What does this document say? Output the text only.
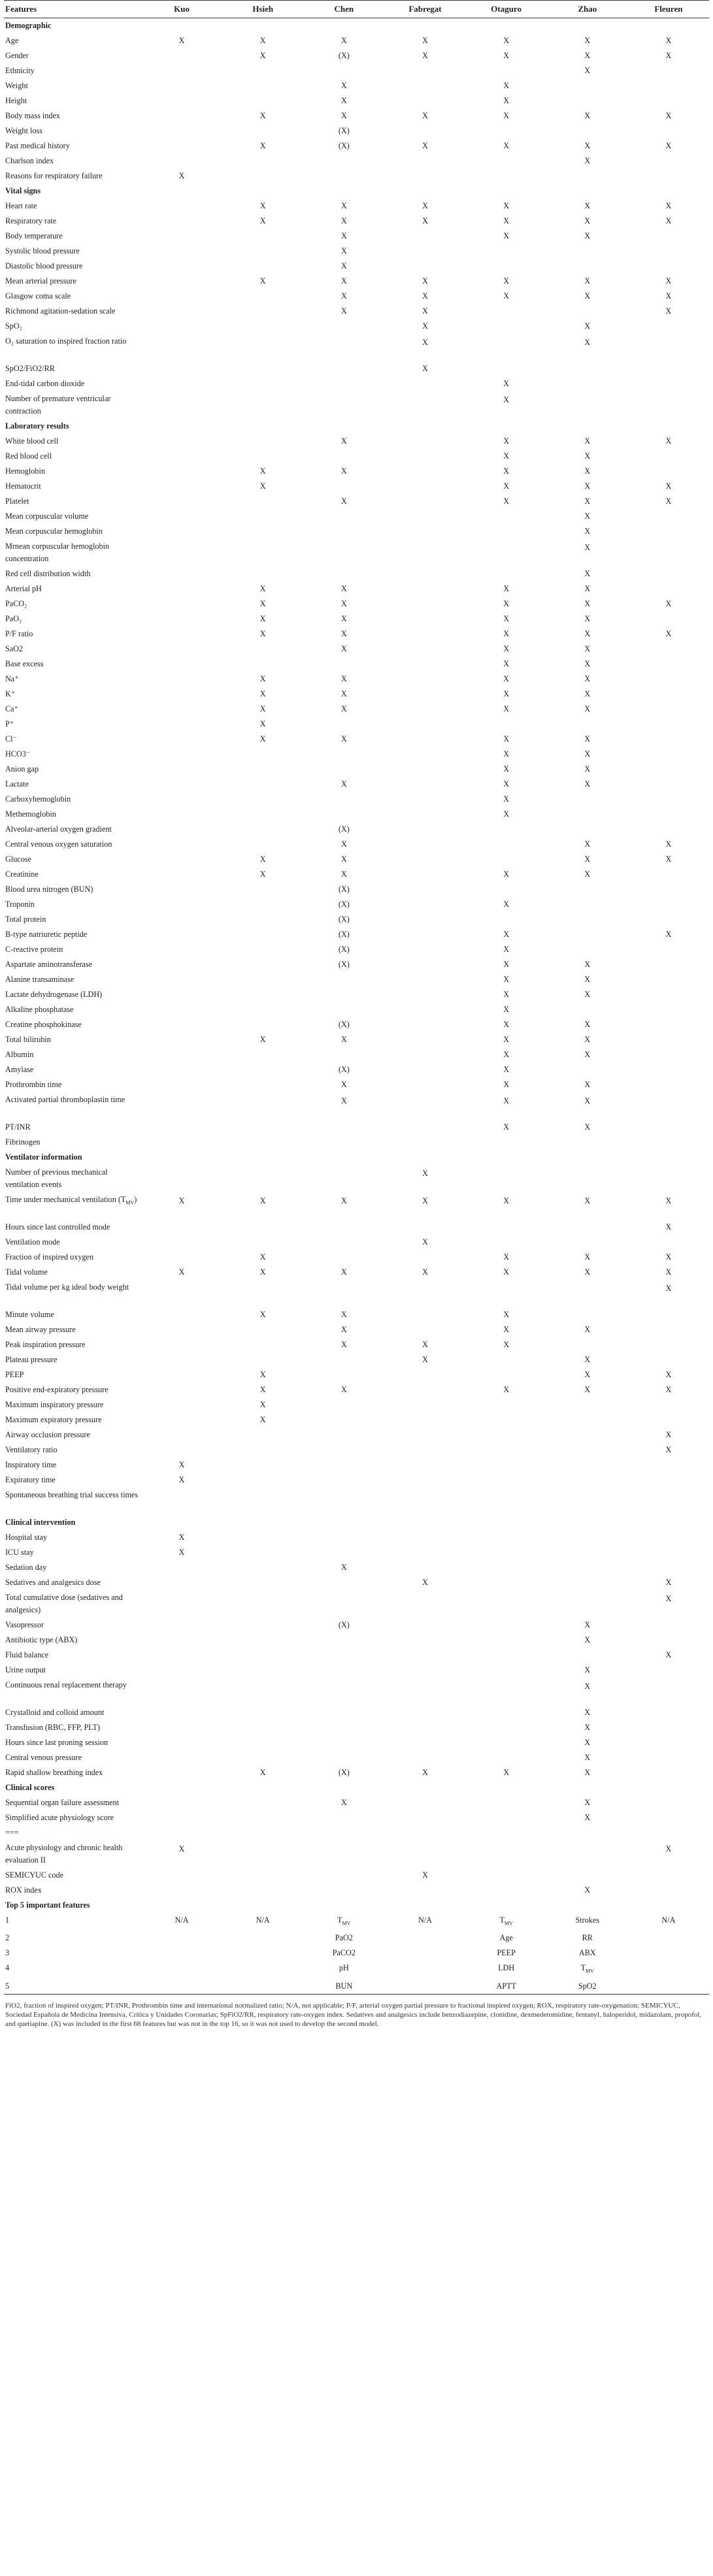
Features	Kuo	Hsieh	Chen	Fabregat	Otaguro	Zhao	Fleuren
Demographic							
Age	X	X	X	X	X	X	X
Gender		X	(X)	X	X	X	X
Ethnicity						X	
Weight			X		X		
Height			X		X		
Body mass index		X	X	X	X	X	X
Weight loss			(X)				
Past medical history		X	(X)	X	X	X	X
Charlson index						X	
Reasons for respiratory failure	X						
Vital signs							
Heart rate		X	X	X	X	X	X
Respiratory rate		X	X	X	X	X	X
Body temperature			X		X	X	
Systolic blood pressure			X				
Diastolic blood pressure			X				
Mean arterial pressure		X	X	X	X	X	X
Glasgow coma scale			X	X	X	X	X
Richmond agitation-sedation scale			X	X			X
SpO₂				X		X	
O₂ saturation to inspired fraction ratio				X		X	
SpO2/FiO2/RR				X			
End-tidal carbon dioxide					X		
Number of premature ventricular contraction					X		
Laboratory results							
White blood cell			X		X	X	X
Red blood cell					X	X	
Hemoglobin		X	X		X	X	
Hematocrit		X			X	X	X
Platelet			X		X	X	X
Mean corpuscular volume						X	
Mean corpuscular hemoglobin						X	
Mrnean corpuscular hemoglobin concentration						X	
Red cell distribution width						X	
Arterial pH		X	X		X	X	
PaCO₂		X	X		X	X	X
PaO₂		X	X		X	X	
P/F ratio		X	X		X	X	X
SaO2			X		X	X	
Base excess					X	X	
Na⁺		X	X		X	X	
K⁺		X	X		X	X	
Ca⁺		X	X		X	X	
P⁺		X					
Cl⁻		X	X		X	X	
HCO3⁻					X	X	
Anion gap					X	X	
Lactate			X		X	X	
Carboxyhemoglobin					X		
Methemoglobin					X		
Alveolar-arterial oxygen gradient			(X)				
Central venous oxygen saturation			X			X	X
Glucose		X	X			X	X
Creatinine		X	X		X	X	
Blood urea nitrogen (BUN)			(X)				
Troponin			(X)		X		
Total protein			(X)				
B-type natriuretic peptide			(X)		X		X
C-reactive protein			(X)		X		
Aspartate aminotransferase			(X)		X	X	
Alanine transaminase					X	X	
Lactate dehydrogenase (LDH)					X	X	
Alkaline phosphatase					X		
Creatine phosphokinase			(X)		X	X	
Total bilirubin		X	X		X	X	
Albumin					X	X	
Amylase			(X)		X		
Prothrombin time			X		X	X	
Activated partial thromboplastin time			X		X	X	
PT/INR					X	X	
Fibrinogen							
Ventilator information							
Number of previous mechanical ventilation events				X			
Time under mechanical ventilation $(T_{MV})$	X	X	X	X	X	X	X
Hours since last controlled mode							X
Ventilation mode				X			
Fraction of inspired oxygen		X			X	X	X
Tidal volume	X	X	X	X	X	X	X
Tidal volume per kg ideal body weight							X
Minute volume		X	X		X		
Mean airway pressure			X		X	X	
Peak inspiration pressure			X	X	X		
Plateau pressure				X		X	
PEEP		X				X	X
Positive end-expiratory pressure		X	X		X	X	X
Maximum inspiratory pressure		X					
Maximum expiratory pressure		X					
Airway occlusion pressure							X
Ventilatory ratio							X
Inspiratory time	X						
Expiratory time	X						
Spontaneous breathing trial success times							
Clinical intervention							
Hospital stay	X						
ICU stay	X						
Sedation day			X				
Sedatives and analgesics dose				X			X
Total cumulative dose (sedatives and analgesics)							X
Vasopressor			(X)			X	
Antibiotic type (ABX)						X	
Fluid balance							X
Urine output						X	
Continuous renal replacement therapy						X	
Crystalloid and colloid amount						X	
Transfusion (RBC, FFP, PLT)						X	
Hours since last proning session						X	
Central venous pressure						X	
Rapid shallow breathing index		X	(X)	X	X	X	
Clinical scores							
Sequential organ failure assessment			X			X	
Simplified acute physiology score						X	
===							
Acute physiology and chronic health evaluation II	X						X
SEMICYUC code				X			
ROX index						X	
Top 5 important features							
1	N/A	N/A	$T_{MV}$	N/A	$T_{MV}$	Strokes	N/A
2			PaO2		Age	RR	
3			PaCO2		PEEP	ABX	
4			pH		LDH	$T_{MV}$	
5			BUN		APTT	SpO2	
FiO2, fraction of inspired oxygen; PT/INR, Prothrombin time and international normalized ratio; N/A, not applicable; P/F, arterial oxygen partial pressure to fractional inspired oxygen; ROX, respiratory rate-oxygenation; SEMICYUC, Sociedad Española de Medicina Intensiva, Crítica y Unidades Coronarias; SpFiO2/RR, respiratory rate-oxygen index. Sedatives and analgesics include benzodiazepine, clonidine, dexmedetomidine, fentanyl, haloperidol, midazolam, propofol, and quetiapine. (X) was included in the first 68 features but was not in the top 16, so it was not used to develop the second model.
